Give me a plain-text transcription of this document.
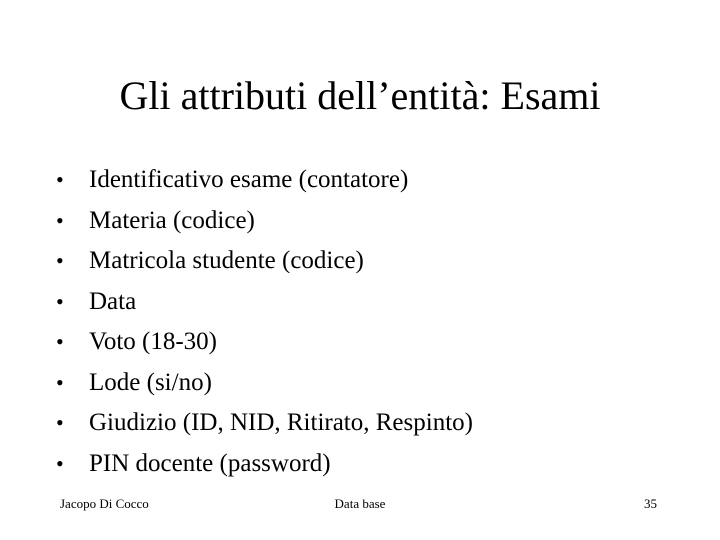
Gli attributi dell’entità: Esami
•	Identificativo esame (contatore)
•	Materia (codice)
•	Matricola studente (codice)
•	Data
•	Voto (18-30)
•	Lode (si/no)
•	Giudizio (ID, NID, Ritirato, Respinto)
•	PIN docente (password)
Jacopo Di Cocco	Data base	35
